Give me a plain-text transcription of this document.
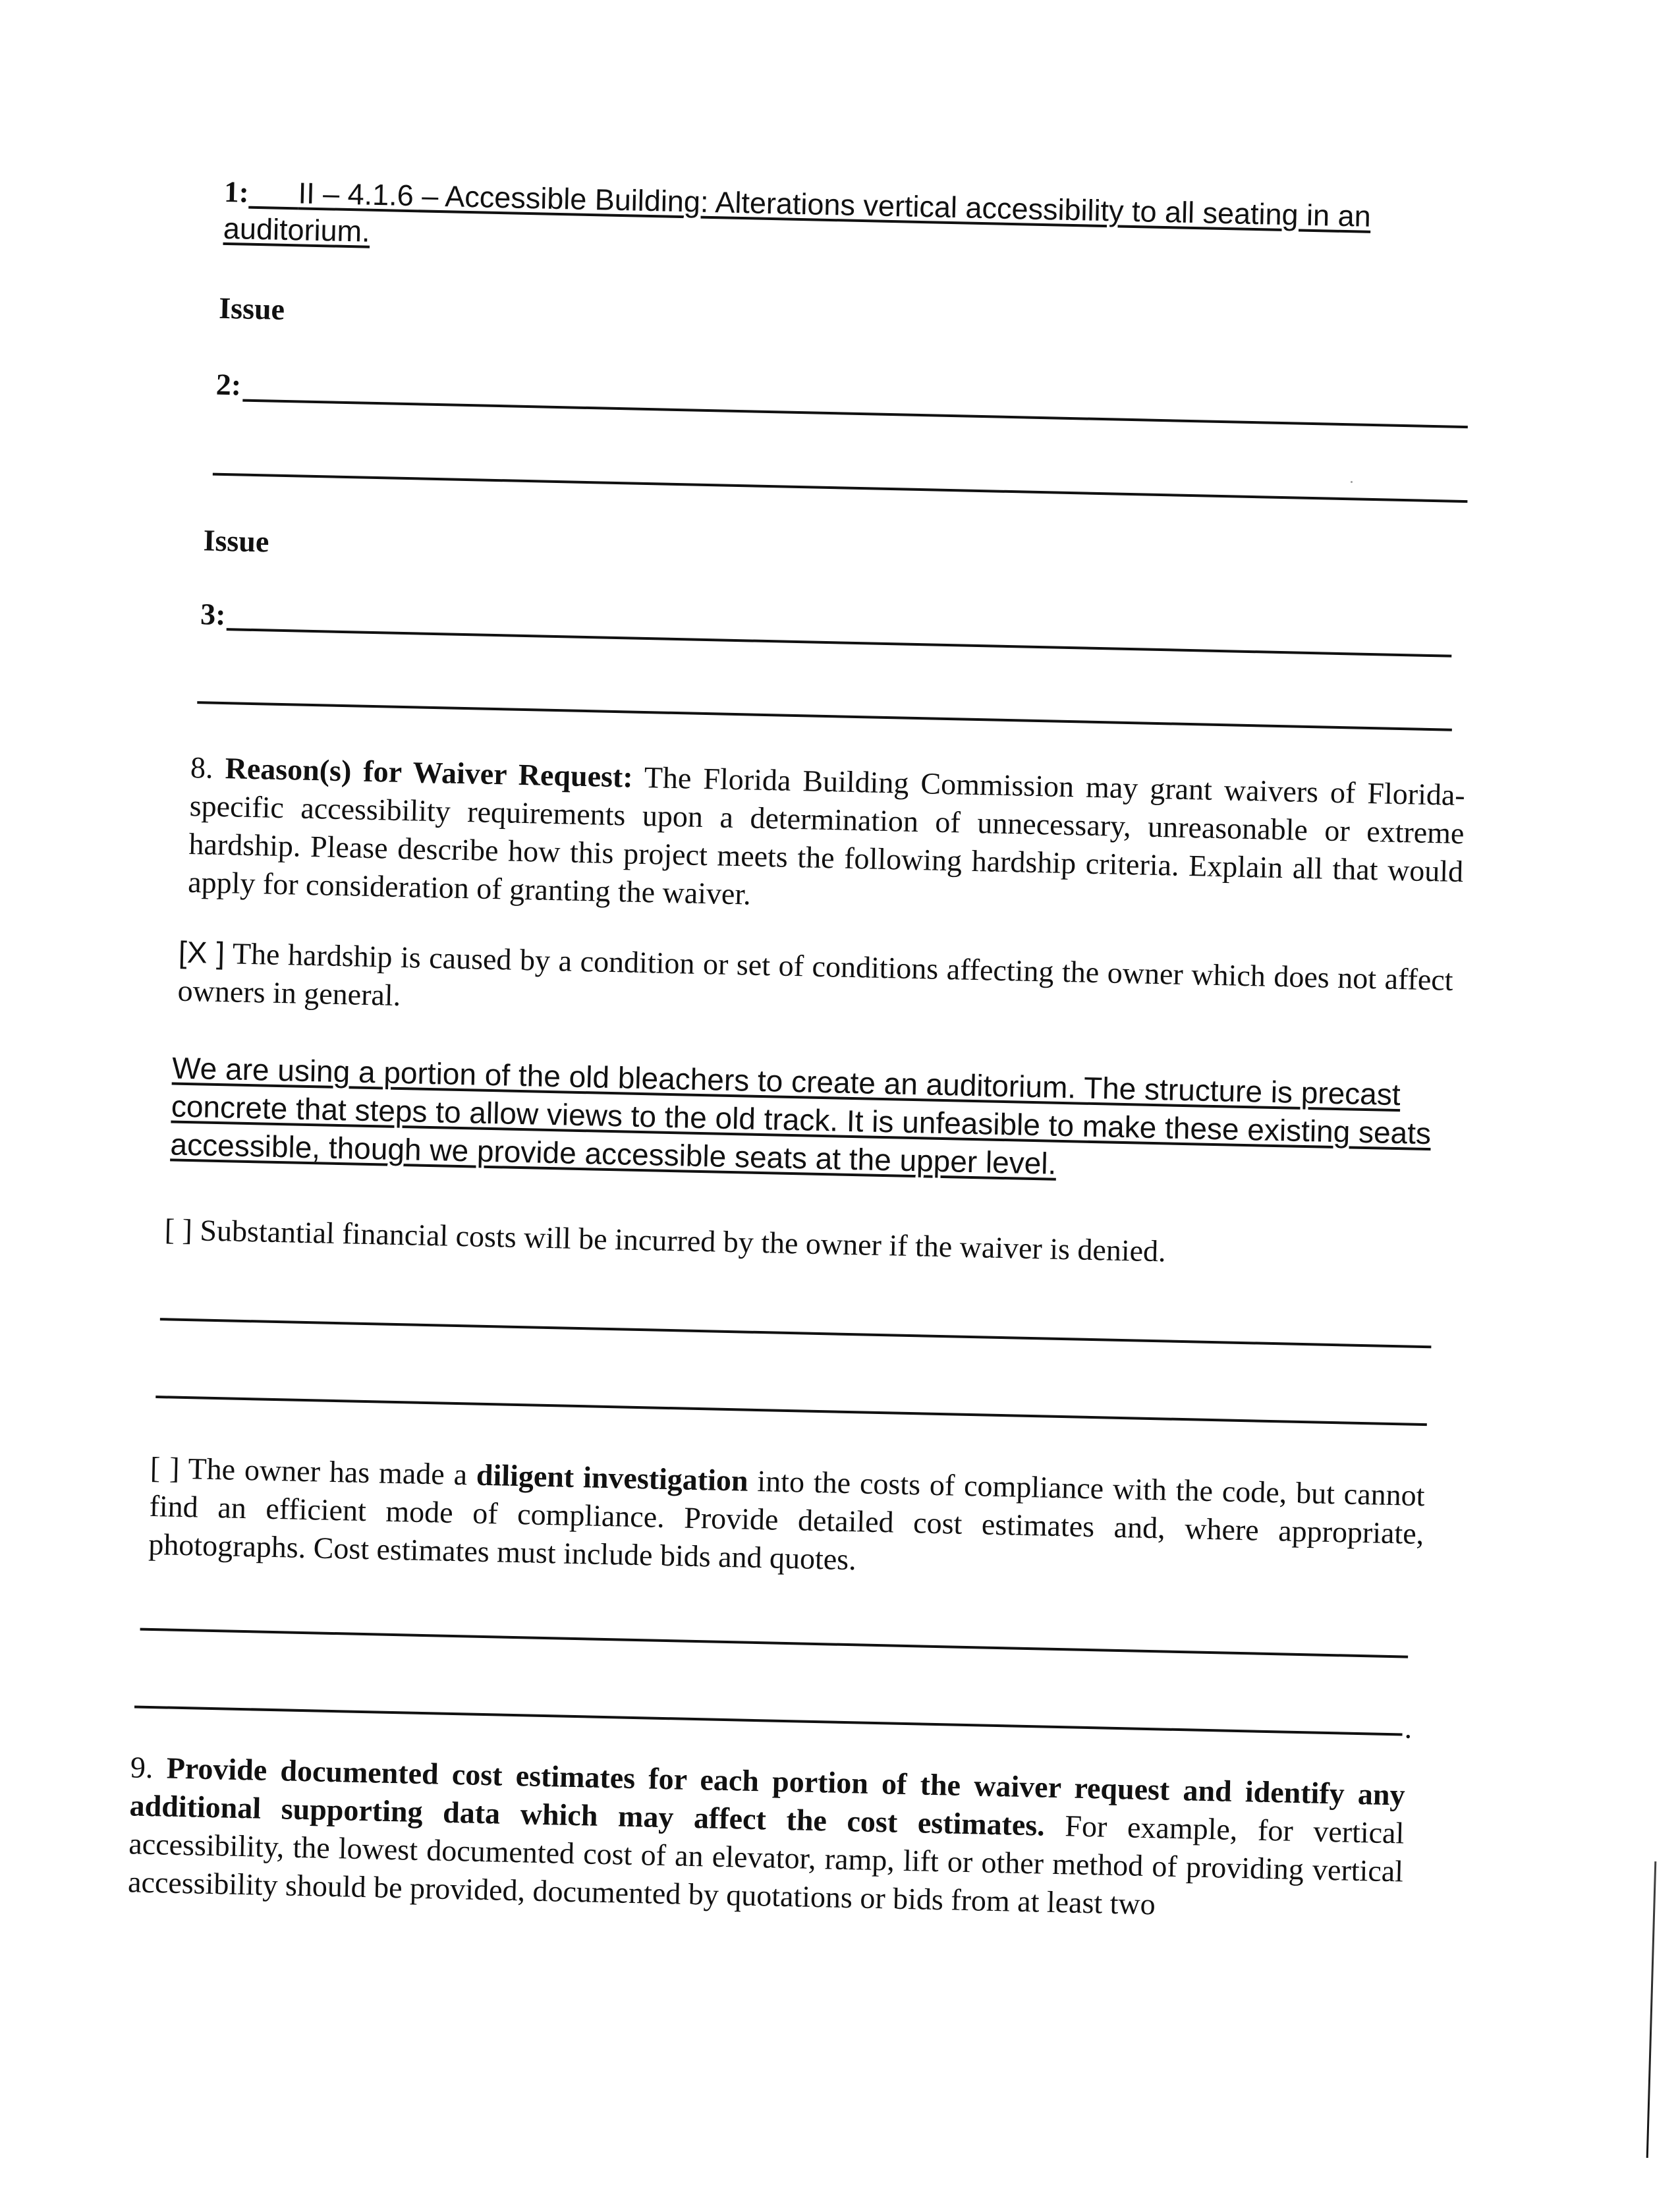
1: II – 4.1.6 – Accessible Building: Alterations vertical accessibility to all seating in an auditorium.
Issue
2:
Issue
3:
8. Reason(s) for Waiver Request: The Florida Building Commission may grant waivers of Florida-specific accessibility requirements upon a determination of unnecessary, unreasonable or extreme hardship. Please describe how this project meets the following hardship criteria. Explain all that would apply for consideration of granting the waiver.
[X ] The hardship is caused by a condition or set of conditions affecting the owner which does not affect owners in general.
We are using a portion of the old bleachers to create an auditorium. The structure is precast concrete that steps to allow views to the old track. It is unfeasible to make these existing seats accessible, though we provide accessible seats at the upper level.
[ ] Substantial financial costs will be incurred by the owner if the waiver is denied.
[ ] The owner has made a diligent investigation into the costs of compliance with the code, but cannot find an efficient mode of compliance. Provide detailed cost estimates and, where appropriate, photographs. Cost estimates must include bids and quotes.
.
9. Provide documented cost estimates for each portion of the waiver request and identify any additional supporting data which may affect the cost estimates. For example, for vertical accessibility, the lowest documented cost of an elevator, ramp, lift or other method of providing vertical accessibility should be provided, documented by quotations or bids from at least two
